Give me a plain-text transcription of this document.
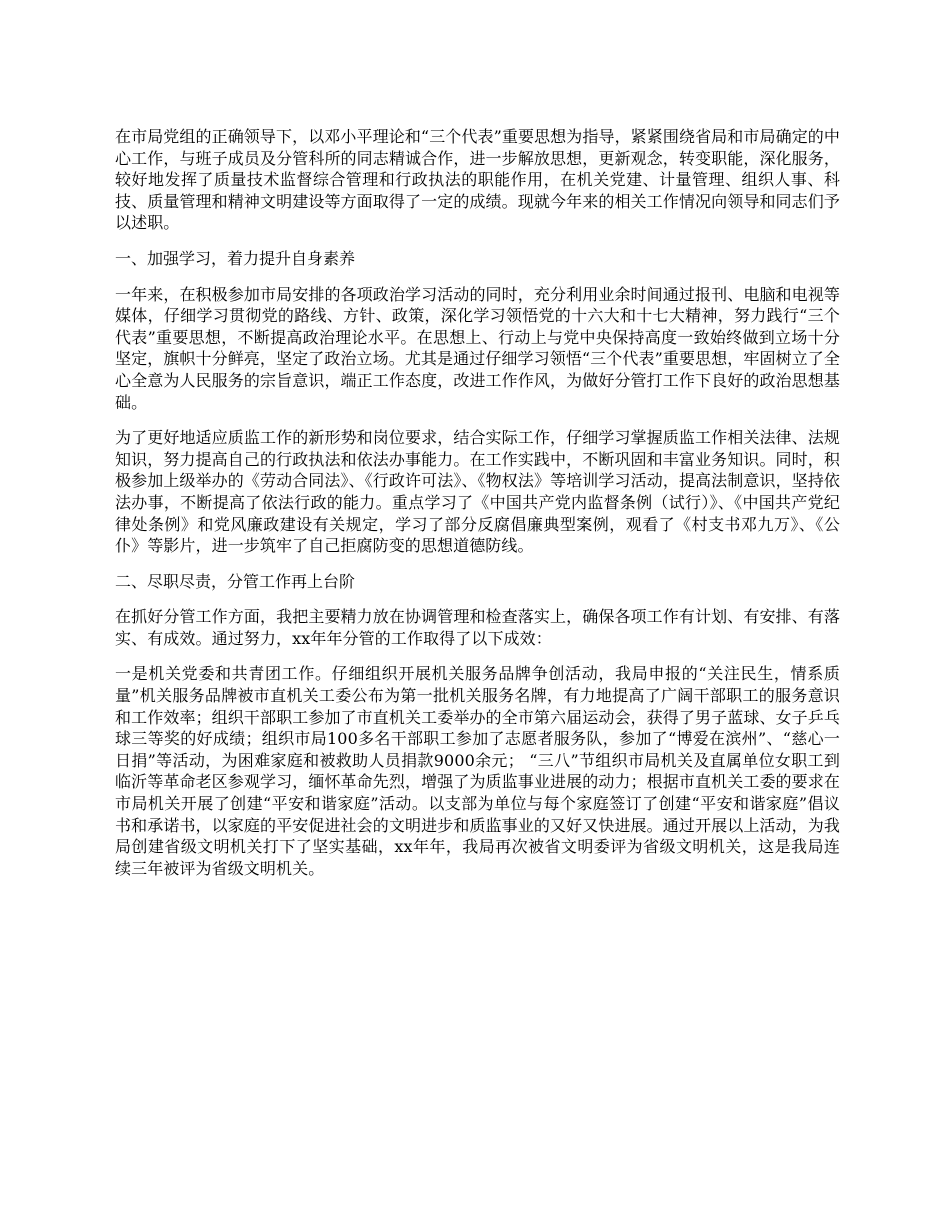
在市局党组的正确领导下，以邓小平理论和“三个代表”重要思想为指导，紧紧围绕省局和市局确定的中心工作，与班子成员及分管科所的同志精诚合作，进一步解放思想，更新观念，转变职能，深化服务，较好地发挥了质量技术监督综合管理和行政执法的职能作用，在机关党建、计量管理、组织人事、科技、质量管理和精神文明建设等方面取得了一定的成绩。现就今年来的相关工作情况向领导和同志们予以述职。

一、加强学习，着力提升自身素养

一年来，在积极参加市局安排的各项政治学习活动的同时，充分利用业余时间通过报刊、电脑和电视等媒体，仔细学习贯彻党的路线、方针、政策，深化学习领悟党的十六大和十七大精神，努力践行“三个代表”重要思想，不断提高政治理论水平。在思想上、行动上与党中央保持高度一致始终做到立场十分坚定，旗帜十分鲜亮，坚定了政治立场。尤其是通过仔细学习领悟“三个代表”重要思想，牢固树立了全心全意为人民服务的宗旨意识，端正工作态度，改进工作作风，为做好分管打工作下良好的政治思想基础。

为了更好地适应质监工作的新形势和岗位要求，结合实际工作，仔细学习掌握质监工作相关法律、法规知识，努力提高自己的行政执法和依法办事能力。在工作实践中，不断巩固和丰富业务知识。同时，积极参加上级举办的《劳动合同法》、《行政许可法》、《物权法》等培训学习活动，提高法制意识，坚持依法办事，不断提高了依法行政的能力。重点学习了《中国共产党内监督条例（试行）》、《中国共产党纪律处条例》和党风廉政建设有关规定，学习了部分反腐倡廉典型案例，观看了《村支书邓九万》、《公仆》等影片，进一步筑牢了自己拒腐防变的思想道德防线。

二、尽职尽责，分管工作再上台阶

在抓好分管工作方面，我把主要精力放在协调管理和检查落实上，确保各项工作有计划、有安排、有落实、有成效。通过努力，xx年年分管的工作取得了以下成效：

一是机关党委和共青团工作。仔细组织开展机关服务品牌争创活动，我局申报的“关注民生，情系质量”机关服务品牌被市直机关工委公布为第一批机关服务名牌，有力地提高了广阔干部职工的服务意识和工作效率；组织干部职工参加了市直机关工委举办的全市第六届运动会，获得了男子蓝球、女子乒乓球三等奖的好成绩；组织市局100多名干部职工参加了志愿者服务队，参加了“博爱在滨州”、“慈心一日捐”等活动，为困难家庭和被救助人员捐款9000余元； “三八”节组织市局机关及直属单位女职工到临沂等革命老区参观学习，缅怀革命先烈，增强了为质监事业进展的动力；根据市直机关工委的要求在市局机关开展了创建“平安和谐家庭”活动。以支部为单位与每个家庭签订了创建“平安和谐家庭”倡议书和承诺书，以家庭的平安促进社会的文明进步和质监事业的又好又快进展。通过开展以上活动，为我局创建省级文明机关打下了坚实基础，xx年年，我局再次被省文明委评为省级文明机关，这是我局连续三年被评为省级文明机关。
